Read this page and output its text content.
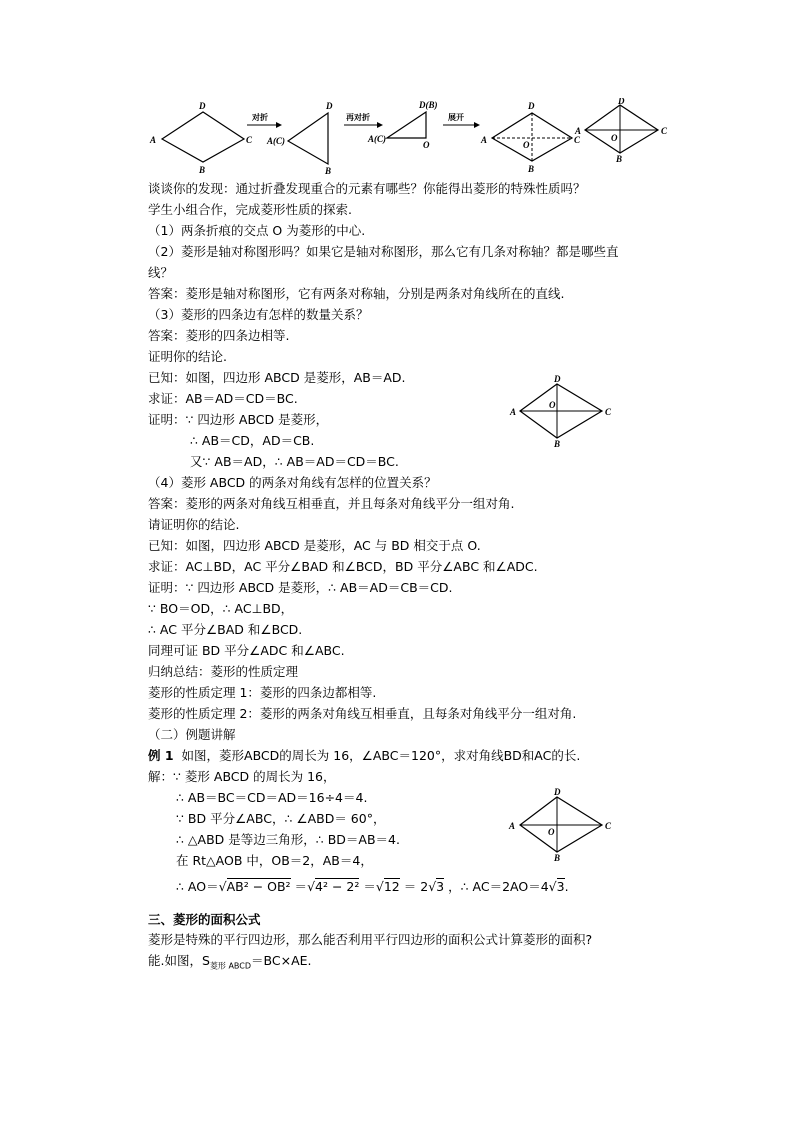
A
D
C
B
对折
A(C)
D
B
再对折
A(C)
D(B)
O
展开
A
D
C
B
O
A
D
C
B
O
谈谈你的发现：通过折叠发现重合的元素有哪些？你能得出菱形的特殊性质吗？
学生小组合作，完成菱形性质的探索.
（1）两条折痕的交点 O 为菱形的中心.
（2）菱形是轴对称图形吗？如果它是轴对称图形，那么它有几条对称轴？都是哪些直
线？
答案：菱形是轴对称图形，它有两条对称轴，分别是两条对角线所在的直线.
（3）菱形的四条边有怎样的数量关系？
答案：菱形的四条边相等.
证明你的结论.
已知：如图，四边形 ABCD 是菱形，AB＝AD.
求证：AB＝AD＝CD＝BC.
证明：∵ 四边形 ABCD 是菱形，
∴ AB＝CD，AD＝CB.
又∵ AB＝AD，∴ AB＝AD＝CD＝BC.
（4）菱形 ABCD 的两条对角线有怎样的位置关系？
答案：菱形的两条对角线互相垂直，并且每条对角线平分一组对角.
请证明你的结论.
已知：如图，四边形 ABCD 是菱形，AC 与 BD 相交于点 O.
求证：AC⊥BD，AC 平分∠BAD 和∠BCD，BD 平分∠ABC 和∠ADC.
证明：∵ 四边形 ABCD 是菱形，∴ AB＝AD＝CB＝CD.
∵ BO＝OD，∴ AC⊥BD，
∴ AC 平分∠BAD 和∠BCD.
同理可证 BD 平分∠ADC 和∠ABC.
归纳总结：菱形的性质定理
菱形的性质定理 1：菱形的四条边都相等.
菱形的性质定理 2：菱形的两条对角线互相垂直，且每条对角线平分一组对角.
（二）例题讲解
例 1 如图，菱形ABCD的周长为 16，∠ABC＝120°，求对角线BD和AC的长.
解：∵ 菱形 ABCD 的周长为 16，
∴ AB＝BC＝CD＝AD＝16÷4＝4.
∵ BD 平分∠ABC，∴ ∠ABD＝ 60°，
∴ △ABD 是等边三角形，∴ BD＝AB＝4.
在 Rt△AOB 中，OB＝2，AB＝4，
∴ AO＝√AB² − OB² ＝√4² − 2² ＝√12 ＝ 2√3 ，∴ AC＝2AO＝4√3.
三、菱形的面积公式
菱形是特殊的平行四边形，那么能否利用平行四边形的面积公式计算菱形的面积?
能.如图，$S_{菱形 ABCD}=BC\times AE$.
A
D
C
B
O
A
D
C
B
O
